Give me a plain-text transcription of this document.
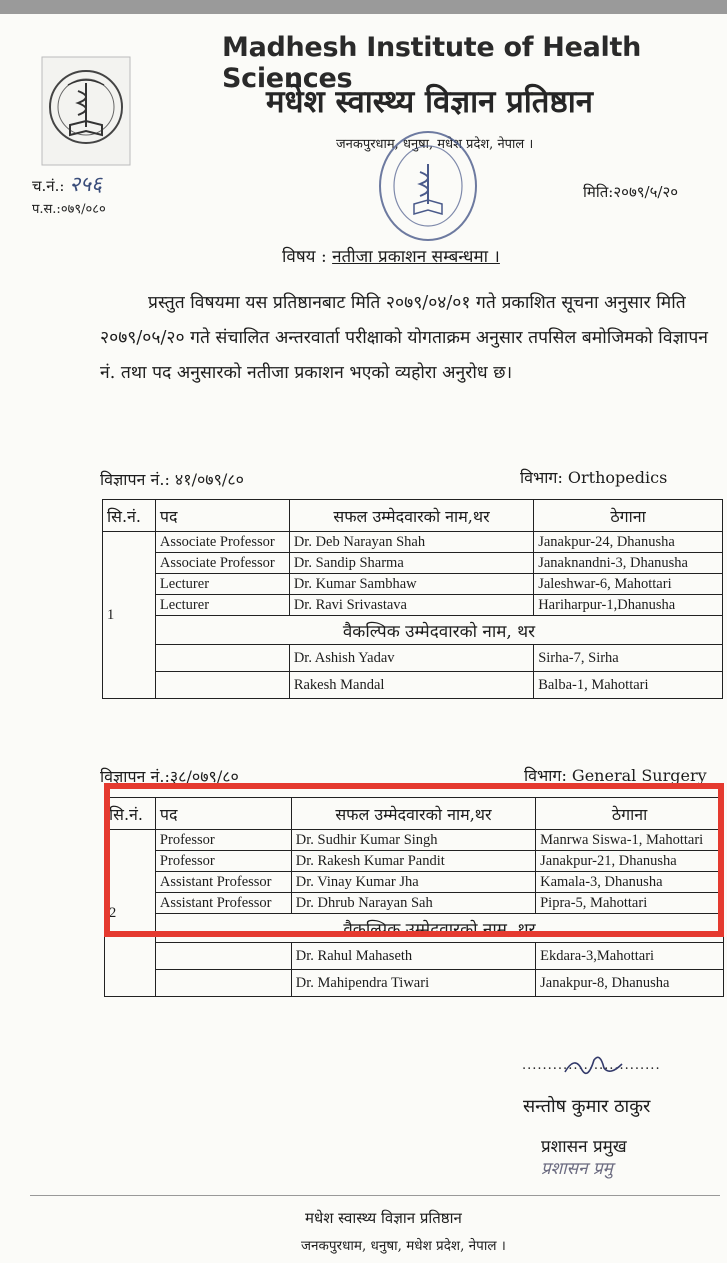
Madhesh Institute of Health Sciences
मधेश स्वास्थ्य विज्ञान प्रतिष्ठान
जनकपुरधाम, धनुषा, मधेश प्रदेश, नेपाल ।
च.नं.: २५६
प.स.:०७९/०८०
मिति:२०७९/५/२०
विषय : नतीजा प्रकाशन सम्बन्धमा ।
प्रस्तुत विषयमा यस प्रतिष्ठानबाट मिति २०७९/०४/०१ गते प्रकाशित सूचना अनुसार मिति २०७९/०५/२० गते संचालित अन्तरवार्ता परीक्षाको योगताक्रम अनुसार तपसिल बमोजिमको विज्ञापन नं. तथा पद अनुसारको नतीजा प्रकाशन भएको व्यहोरा अनुरोध छ।
विज्ञापन नं.: ४१/०७९/८०	विभाग: Orthopedics
सि.नं.	पद	सफल उम्मेदवारको नाम,थर	ठेगाना
1	Associate Professor	Dr. Deb Narayan Shah	Janakpur-24, Dhanusha
	Associate Professor	Dr. Sandip Sharma	Janaknandni-3, Dhanusha
	Lecturer	Dr. Kumar Sambhaw	Jaleshwar-6, Mahottari
	Lecturer	Dr. Ravi Srivastava	Hariharpur-1,Dhanusha
	वैकल्पिक उम्मेदवारको नाम, थर		
		Dr. Ashish Yadav	Sirha-7, Sirha
		Rakesh Mandal	Balba-1, Mahottari
विज्ञापन नं.:३८/०७९/८०	विभाग: General Surgery
सि.नं.	पद	सफल उम्मेदवारको नाम,थर	ठेगाना
2	Professor	Dr. Sudhir Kumar Singh	Manrwa Siswa-1, Mahottari
	Professor	Dr. Rakesh Kumar Pandit	Janakpur-21, Dhanusha
	Assistant Professor	Dr. Vinay Kumar Jha	Kamala-3, Dhanusha
	Assistant Professor	Dr. Dhrub Narayan Sah	Pipra-5, Mahottari
	वैकल्पिक उम्मेदवारको नाम, थर		
		Dr. Rahul Mahaseth	Ekdara-3,Mahottari
		Dr. Mahipendra Tiwari	Janakpur-8, Dhanusha
...........................
सन्तोष कुमार ठाकुर
प्रशासन प्रमुख
प्रशासन प्रमु
मधेश स्वास्थ्य विज्ञान प्रतिष्ठान
जनकपुरधाम, धनुषा, मधेश प्रदेश, नेपाल ।
